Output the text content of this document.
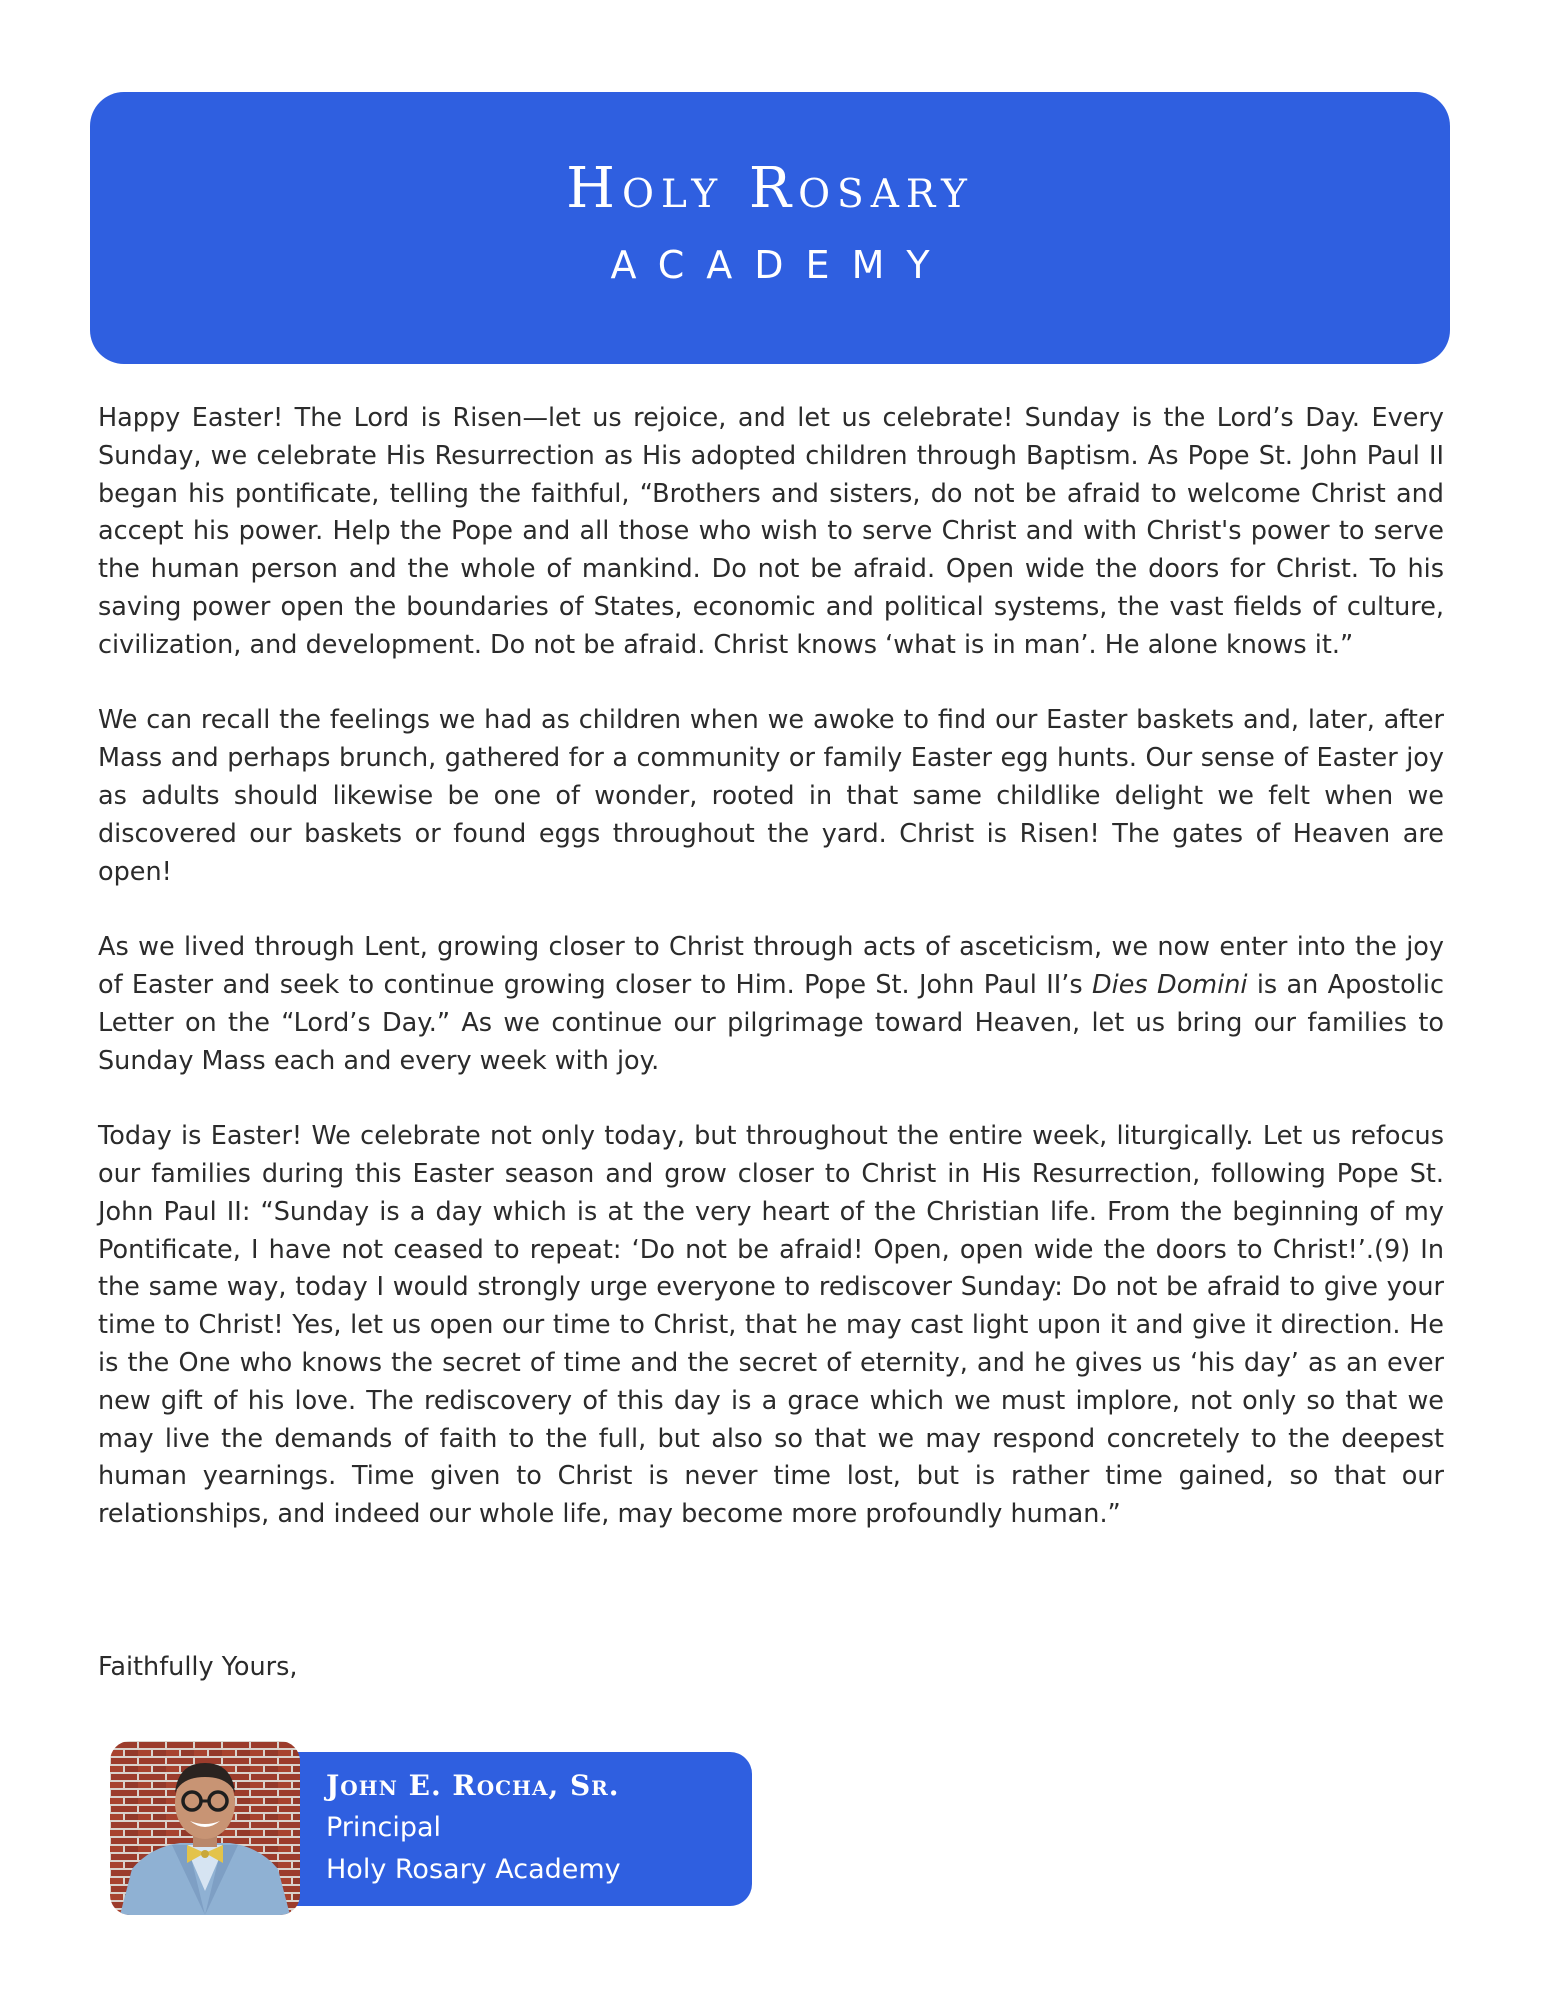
Holy Rosary
ACADEMY

Happy Easter! The Lord is Risen—let us rejoice, and let us celebrate! Sunday is the Lord’s Day. Every Sunday, we celebrate His Resurrection as His adopted children through Baptism. As Pope St. John Paul II began his pontificate, telling the faithful, “Brothers and sisters, do not be afraid to welcome Christ and accept his power. Help the Pope and all those who wish to serve Christ and with Christ's power to serve the human person and the whole of mankind. Do not be afraid. Open wide the doors for Christ. To his saving power open the boundaries of States, economic and political systems, the vast fields of culture, civilization, and development. Do not be afraid. Christ knows ‘what is in man’. He alone knows it.”

We can recall the feelings we had as children when we awoke to find our Easter baskets and, later, after Mass and perhaps brunch, gathered for a community or family Easter egg hunts. Our sense of Easter joy as adults should likewise be one of wonder, rooted in that same childlike delight we felt when we discovered our baskets or found eggs throughout the yard. Christ is Risen! The gates of Heaven are open!

As we lived through Lent, growing closer to Christ through acts of asceticism, we now enter into the joy of Easter and seek to continue growing closer to Him. Pope St. John Paul II’s Dies Domini is an Apostolic Letter on the “Lord’s Day.” As we continue our pilgrimage toward Heaven, let us bring our families to Sunday Mass each and every week with joy.

Today is Easter! We celebrate not only today, but throughout the entire week, liturgically. Let us refocus our families during this Easter season and grow closer to Christ in His Resurrection, following Pope St. John Paul II: “Sunday is a day which is at the very heart of the Christian life. From the beginning of my Pontificate, I have not ceased to repeat: ‘Do not be afraid! Open, open wide the doors to Christ!’.(9) In the same way, today I would strongly urge everyone to rediscover Sunday: Do not be afraid to give your time to Christ! Yes, let us open our time to Christ, that he may cast light upon it and give it direction. He is the One who knows the secret of time and the secret of eternity, and he gives us ‘his day’ as an ever new gift of his love. The rediscovery of this day is a grace which we must implore, not only so that we may live the demands of faith to the full, but also so that we may respond concretely to the deepest human yearnings. Time given to Christ is never time lost, but is rather time gained, so that our relationships, and indeed our whole life, may become more profoundly human.”

Faithfully Yours,
John E. Rocha, Sr.
Principal
Holy Rosary Academy
